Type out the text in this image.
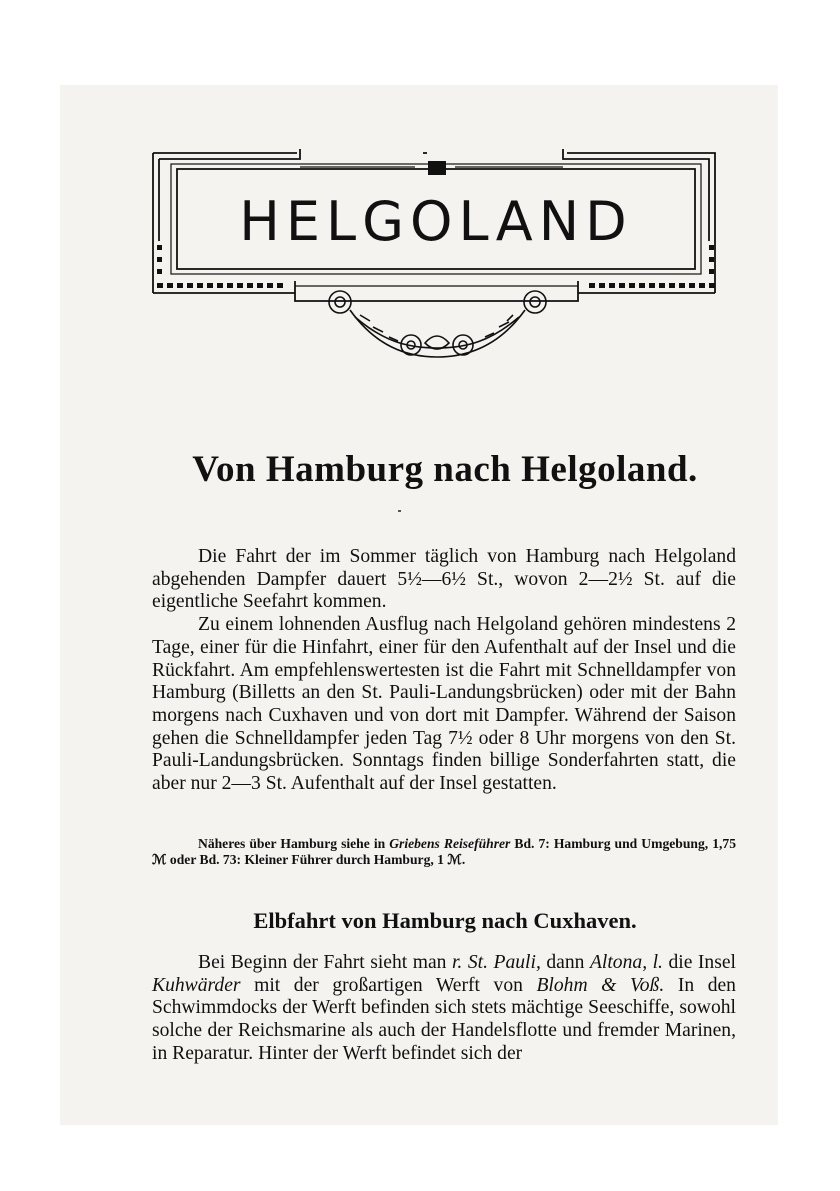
HELGOLAND
Von Hamburg nach Helgoland.

Die Fahrt der im Sommer täglich von Hamburg nach Helgoland abgehenden Dampfer dauert 5½—6½ St., wovon 2—2½ St. auf die eigentliche Seefahrt kommen.

Zu einem lohnenden Ausflug nach Helgoland gehören mindestens 2 Tage, einer für die Hinfahrt, einer für den Aufenthalt auf der Insel und die Rückfahrt. Am empfehlenswertesten ist die Fahrt mit Schnelldampfer von Hamburg (Billetts an den St. Pauli-Landungsbrücken) oder mit der Bahn morgens nach Cuxhaven und von dort mit Dampfer. Während der Saison gehen die Schnelldampfer jeden Tag 7½ oder 8 Uhr morgens von den St. Pauli-Landungsbrücken. Sonntags finden billige Sonderfahrten statt, die aber nur 2—3 St. Aufenthalt auf der Insel gestatten.

Näheres über Hamburg siehe in Griebens Reiseführer Bd. 7: Hamburg und Umgebung, 1,75 ℳ oder Bd. 73: Kleiner Führer durch Hamburg, 1 ℳ.
Elbfahrt von Hamburg nach Cuxhaven.

Bei Beginn der Fahrt sieht man r. St. Pauli, dann Altona, l. die Insel Kuhwärder mit der großartigen Werft von Blohm & Voß. In den Schwimmdocks der Werft befinden sich stets mächtige Seeschiffe, sowohl solche der Reichsmarine als auch der Handelsflotte und fremder Marinen, in Reparatur. Hinter der Werft befindet sich der
